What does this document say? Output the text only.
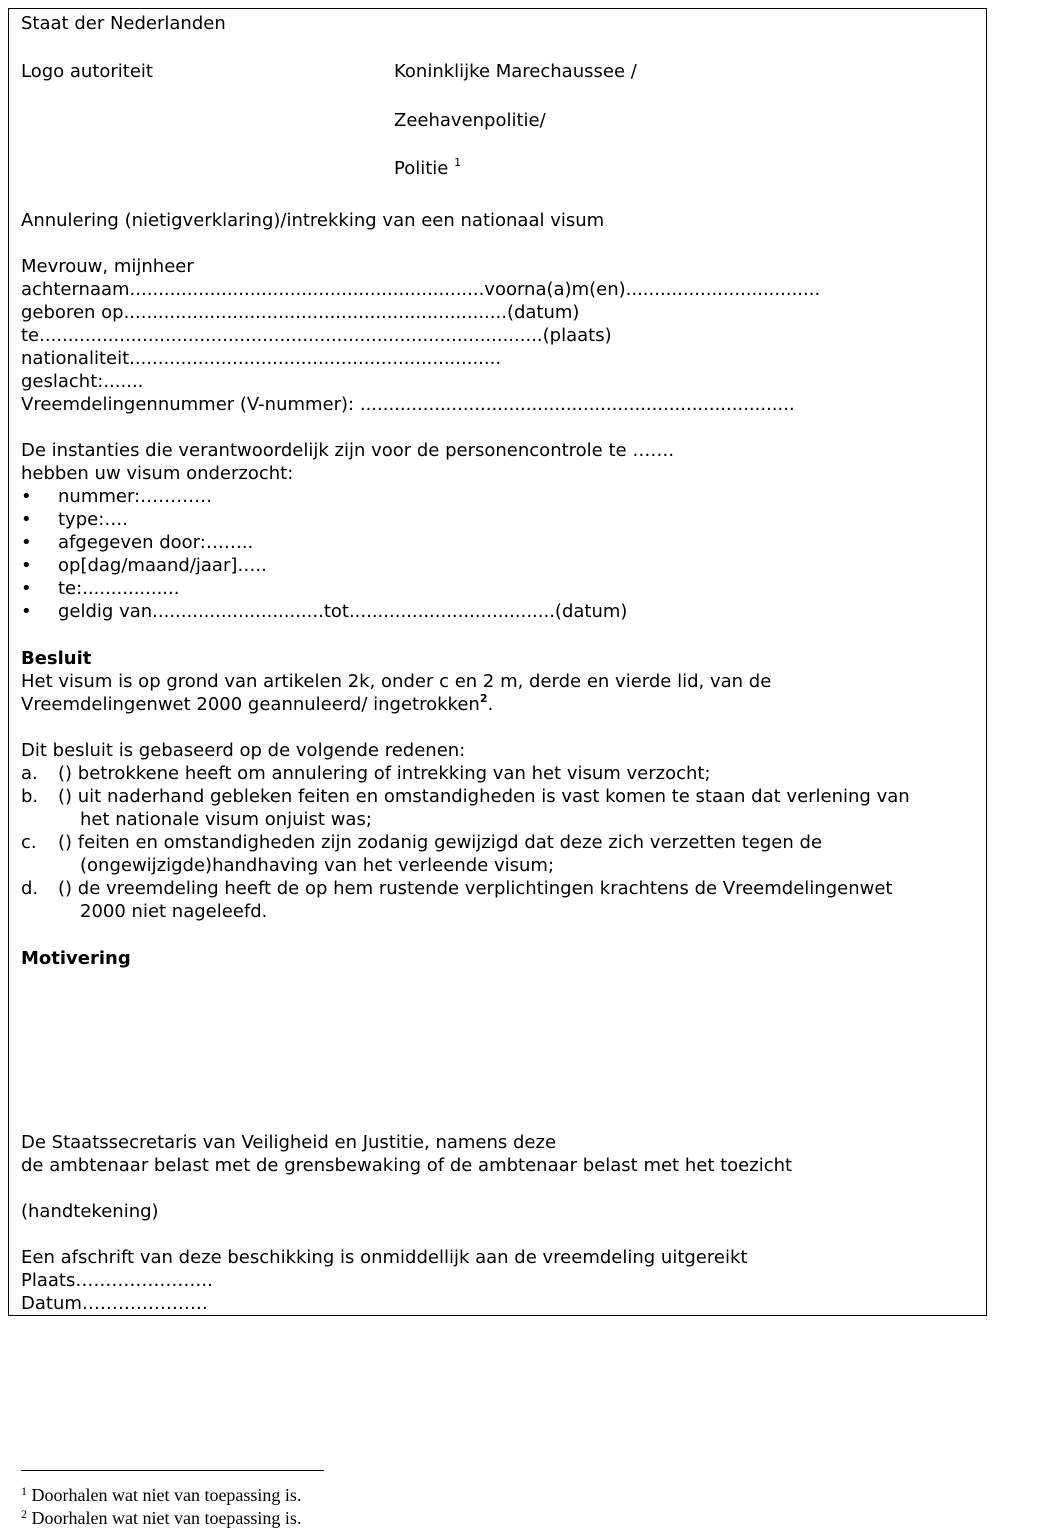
Staat der Nederlanden
Logo autoriteit	Koninklijke Marechaussee /
Zeehavenpolitie/
Politie $^1$
Annulering (nietigverklaring)/intrekking van een nationaal visum
Mevrouw, mijnheer
achternaam..............................................................voorna(a)m(en)..................................
geboren op...................................................................(datum)
te........................................................................................(plaats)
nationaliteit.................................................................
geslacht:.......
Vreemdelingennummer (V-nummer): ............................................................................
De instanties die verantwoordelijk zijn voor de personencontrole te …….
hebben uw visum onderzocht:
• nummer:…………
• type:….
• afgegeven door:……..
• op[dag/maand/jaar]…..
• te:.................
• geldig van..............................tot....................................(datum)
Besluit
Het visum is op grond van artikelen 2k, onder c en 2 m, derde en vierde lid, van de
Vreemdelingenwet 2000 geannuleerd/ ingetrokken$^2$.
Dit besluit is gebaseerd op de volgende redenen:
a. () betrokkene heeft om annulering of intrekking van het visum verzocht;
b. () uit naderhand gebleken feiten en omstandigheden is vast komen te staan dat verlening van
het nationale visum onjuist was;
c. () feiten en omstandigheden zijn zodanig gewijzigd dat deze zich verzetten tegen de
(ongewijzigde)handhaving van het verleende visum;
d. () de vreemdeling heeft de op hem rustende verplichtingen krachtens de Vreemdelingenwet
2000 niet nageleefd.
Motivering
De Staatssecretaris van Veiligheid en Justitie, namens deze
de ambtenaar belast met de grensbewaking of de ambtenaar belast met het toezicht
(handtekening)
Een afschrift van deze beschikking is onmiddellijk aan de vreemdeling uitgereikt
Plaats…………………..
Datum…………………
$^1$ Doorhalen wat niet van toepassing is.
$^2$ Doorhalen wat niet van toepassing is.
